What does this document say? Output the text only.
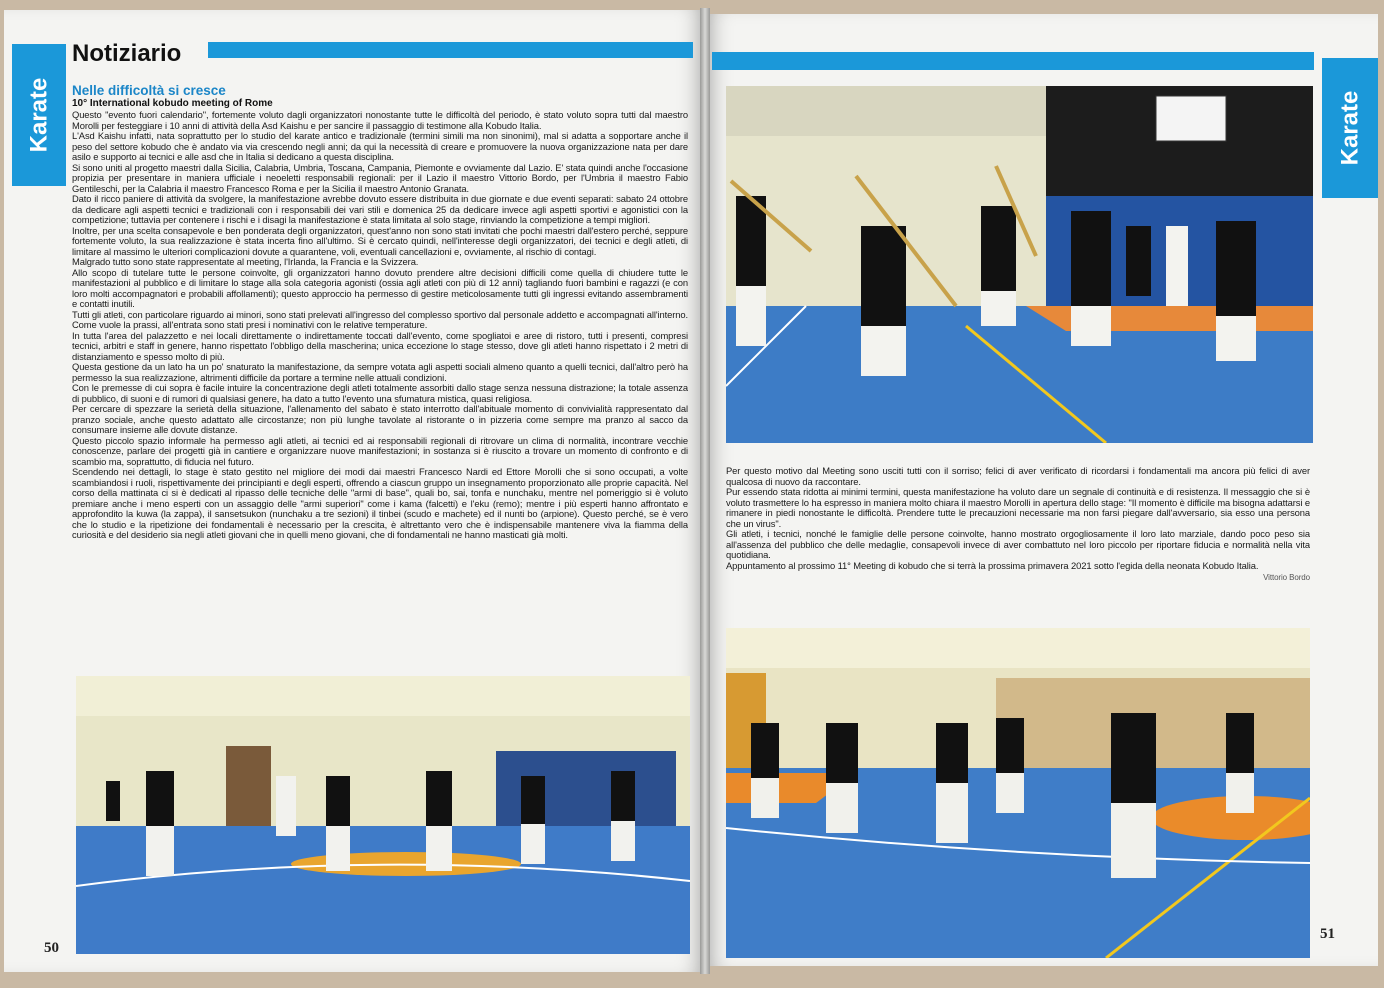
Notiziario
Karate	Karate
Nelle difficoltà si cresce
10° International kobudo meeting of Rome

Questo "evento fuori calendario", fortemente voluto dagli organizzatori nonostante tutte le difficoltà del periodo, è stato voluto sopra tutti dal maestro Morolli per festeggiare i 10 anni di attività della Asd Kaishu e per sancire il passaggio di testimone alla Kobudo Italia.

L'Asd Kaishu infatti, nata soprattutto per lo studio del karate antico e tradizionale (termini simili ma non sinonimi), mal si adatta a sopportare anche il peso del settore kobudo che è andato via via crescendo negli anni; da qui la necessità di creare e promuovere la nuova organizzazione nata per dare asilo e supporto ai tecnici e alle asd che in Italia si dedicano a questa disciplina.

Si sono uniti al progetto maestri dalla Sicilia, Calabria, Umbria, Toscana, Campania, Piemonte e ovviamente dal Lazio. E' stata quindi anche l'occasione propizia per presentare in maniera ufficiale i neoeletti responsabili regionali: per il Lazio il maestro Vittorio Bordo, per l'Umbria il maestro Fabio Gentileschi, per la Calabria il maestro Francesco Roma e per la Sicilia il maestro Antonio Granata.

Dato il ricco paniere di attività da svolgere, la manifestazione avrebbe dovuto essere distribuita in due giornate e due eventi separati: sabato 24 ottobre da dedicare agli aspetti tecnici e tradizionali con i responsabili dei vari stili e domenica 25 da dedicare invece agli aspetti sportivi e agonistici con la competizione; tuttavia per contenere i rischi e i disagi la manifestazione è stata limitata al solo stage, rinviando la competizione a tempi migliori.

Inoltre, per una scelta consapevole e ben ponderata degli organizzatori, quest'anno non sono stati invitati che pochi maestri dall'estero perché, seppure fortemente voluto, la sua realizzazione è stata incerta fino all'ultimo. Si è cercato quindi, nell'interesse degli organizzatori, dei tecnici e degli atleti, di limitare al massimo le ulteriori complicazioni dovute a quarantene, voli, eventuali cancellazioni e, ovviamente, al rischio di contagi.

Malgrado tutto sono state rappresentate al meeting, l'Irlanda, la Francia e la Svizzera.

Allo scopo di tutelare tutte le persone coinvolte, gli organizzatori hanno dovuto prendere altre decisioni difficili come quella di chiudere tutte le manifestazioni al pubblico e di limitare lo stage alla sola categoria agonisti (ossia agli atleti con più di 12 anni) tagliando fuori bambini e ragazzi (e con loro molti accompagnatori e probabili affollamenti); questo approccio ha permesso di gestire meticolosamente tutti gli ingressi evitando assembramenti e contatti inutili.

Tutti gli atleti, con particolare riguardo ai minori, sono stati prelevati all'ingresso del complesso sportivo dal personale addetto e accompagnati all'interno. Come vuole la prassi, all'entrata sono stati presi i nominativi con le relative temperature.

In tutta l'area del palazzetto e nei locali direttamente o indirettamente toccati dall'evento, come spogliatoi e aree di ristoro, tutti i presenti, compresi tecnici, arbitri e staff in genere, hanno rispettato l'obbligo della mascherina; unica eccezione lo stage stesso, dove gli atleti hanno rispettato i 2 metri di distanziamento e spesso molto di più.

Questa gestione da un lato ha un po' snaturato la manifestazione, da sempre votata agli aspetti sociali almeno quanto a quelli tecnici, dall'altro però ha permesso la sua realizzazione, altrimenti difficile da portare a termine nelle attuali condizioni.

Con le premesse di cui sopra è facile intuire la concentrazione degli atleti totalmente assorbiti dallo stage senza nessuna distrazione; la totale assenza di pubblico, di suoni e di rumori di qualsiasi genere, ha dato a tutto l'evento una sfumatura mistica, quasi religiosa.

Per cercare di spezzare la serietà della situazione, l'allenamento del sabato è stato interrotto dall'abituale momento di convivialità rappresentato dal pranzo sociale, anche questo adattato alle circostanze; non più lunghe tavolate al ristorante o in pizzeria come sempre ma pranzo al sacco da consumare insieme alle dovute distanze.

Questo piccolo spazio informale ha permesso agli atleti, ai tecnici ed ai responsabili regionali di ritrovare un clima di normalità, incontrare vecchie conoscenze, parlare dei progetti già in cantiere e organizzare nuove manifestazioni; in sostanza si è riuscito a trovare un momento di confronto e di scambio ma, soprattutto, di fiducia nel futuro.

Scendendo nei dettagli, lo stage è stato gestito nel migliore dei modi dai maestri Francesco Nardi ed Ettore Morolli che si sono occupati, a volte scambiandosi i ruoli, rispettivamente dei principianti e degli esperti, offrendo a ciascun gruppo un insegnamento proporzionato alle proprie capacità. Nel corso della mattinata ci si è dedicati al ripasso delle tecniche delle "armi di base", quali bo, sai, tonfa e nunchaku, mentre nel pomeriggio si è voluto premiare anche i meno esperti con un assaggio delle "armi superiori" come i kama (falcetti) e l'eku (remo); mentre i più esperti hanno affrontato e approfondito la kuwa (la zappa), il sansetsukon (nunchaku a tre sezioni) il tinbei (scudo e machete) ed il nunti bo (arpione). Questo perché, se è vero che lo studio e la ripetizione dei fondamentali è necessario per la crescita, è altrettanto vero che è indispensabile mantenere viva la fiamma della curiosità e del desiderio sia negli atleti giovani che in quelli meno giovani, che di fondamentali ne hanno masticati già molti.

Per questo motivo dal Meeting sono usciti tutti con il sorriso; felici di aver verificato di ricordarsi i fondamentali ma ancora più felici di aver qualcosa di nuovo da raccontare.

Pur essendo stata ridotta ai minimi termini, questa manifestazione ha voluto dare un segnale di continuità e di resistenza. Il messaggio che si è voluto trasmettere lo ha espresso in maniera molto chiara il maestro Morolli in apertura dello stage: "Il momento è difficile ma bisogna adattarsi e rimanere in piedi nonostante le difficoltà. Prendere tutte le precauzioni necessarie ma non farsi piegare dall'avversario, sia esso una persona che un virus".

Gli atleti, i tecnici, nonché le famiglie delle persone coinvolte, hanno mostrato orgogliosamente il loro lato marziale, dando poco peso sia all'assenza del pubblico che delle medaglie, consapevoli invece di aver combattuto nel loro piccolo per riportare fiducia e normalità nella vita quotidiana.

Appuntamento al prossimo 11° Meeting di kobudo che si terrà la prossima primavera 2021 sotto l'egida della neonata Kobudo Italia.

Vittorio Bordo
50
51
